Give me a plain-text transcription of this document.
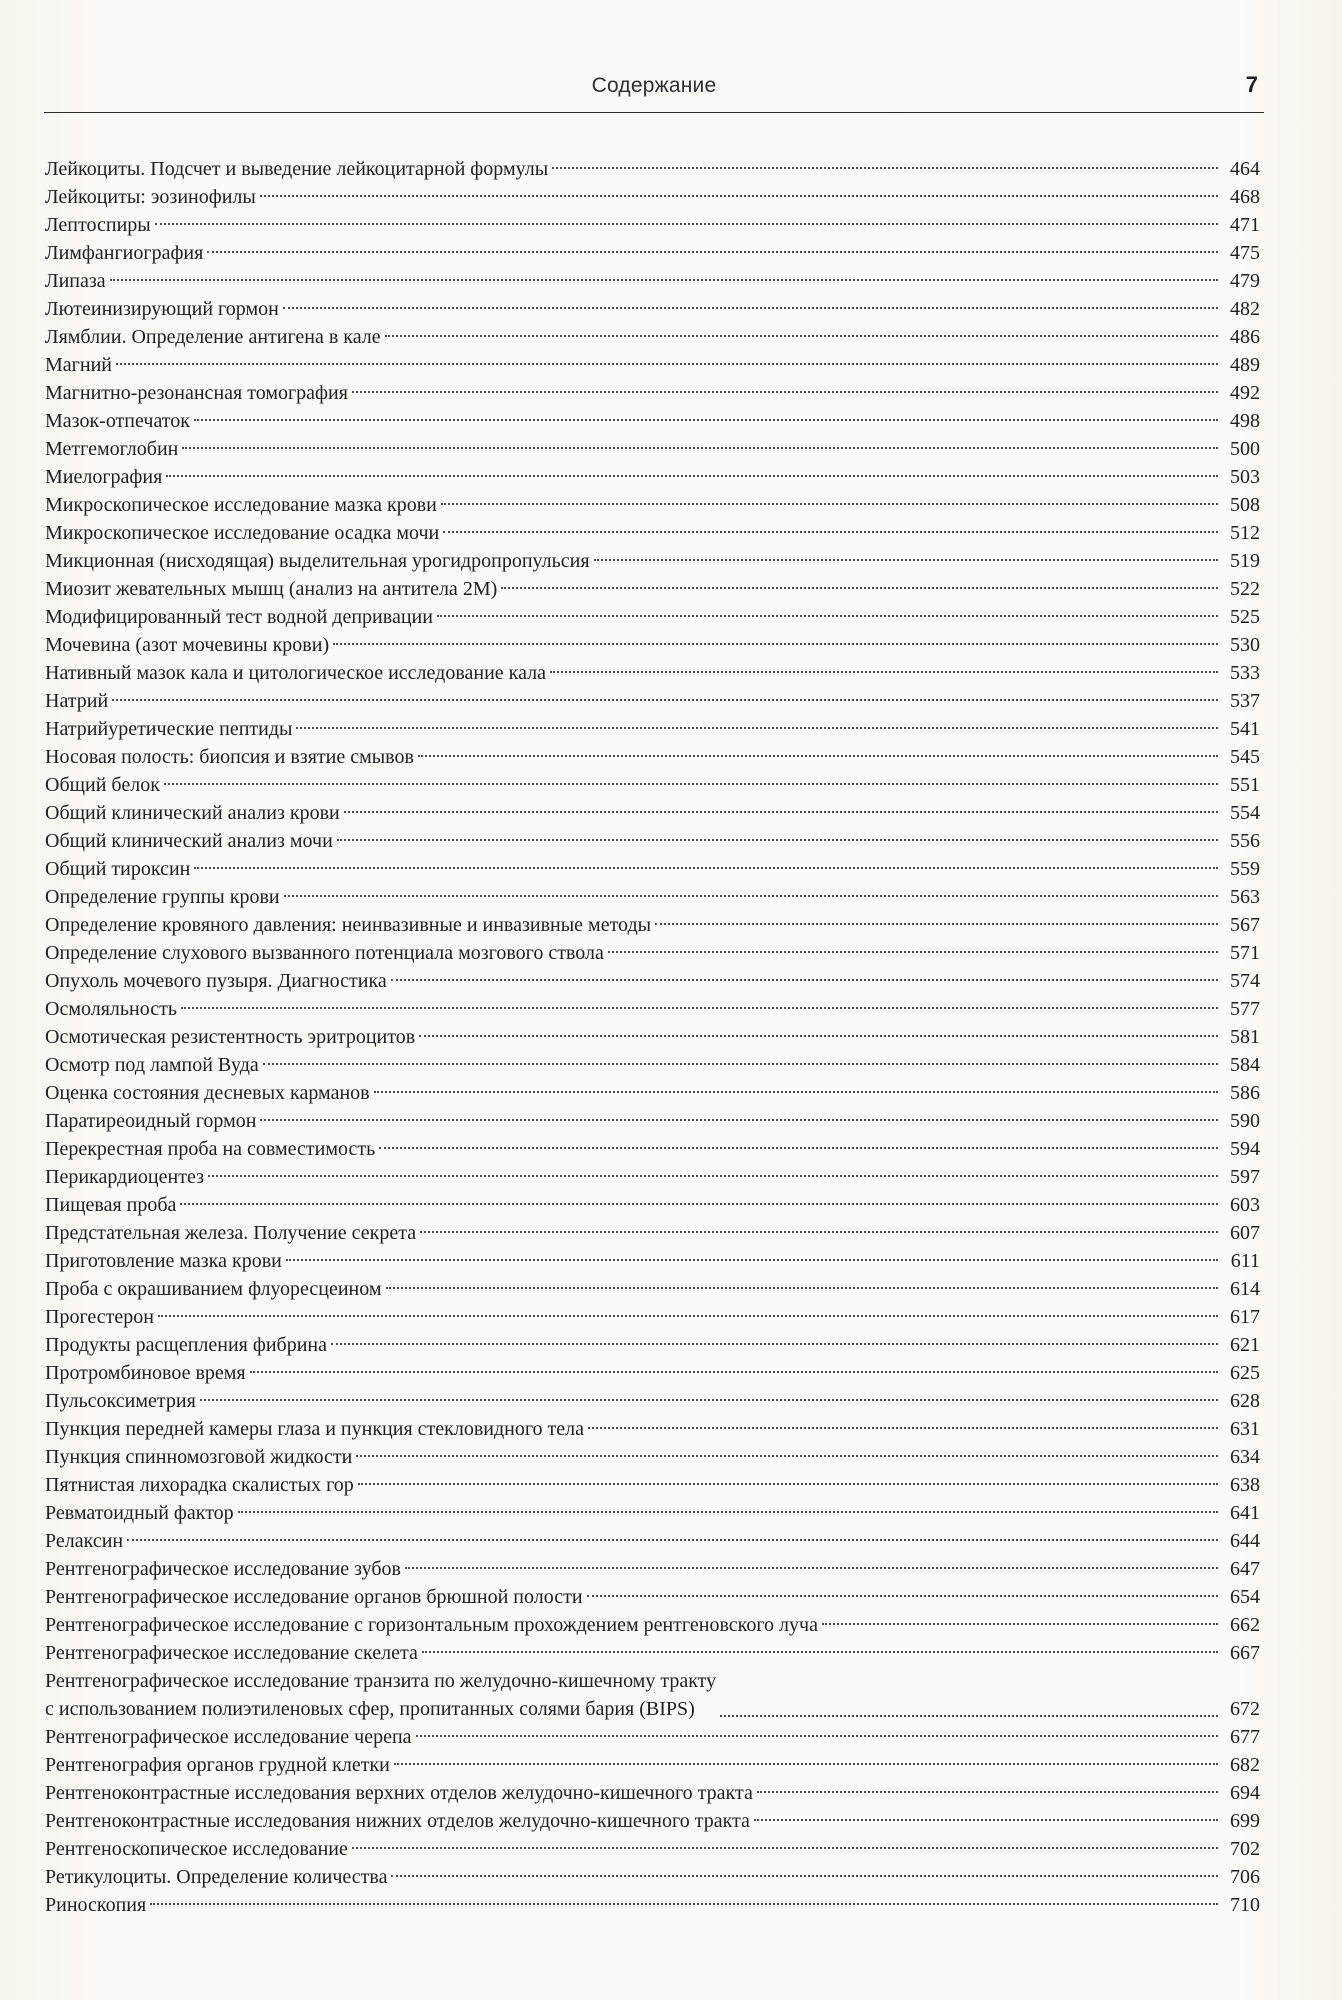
Содержание	7
Лейкоциты. Подсчет и выведение лейкоцитарной формулы	464
Лейкоциты: эозинофилы	468
Лептоспиры	471
Лимфангиография	475
Липаза	479
Лютеинизирующий гормон	482
Лямблии. Определение антигена в кале	486
Магний	489
Магнитно-резонансная томография	492
Мазок-отпечаток	498
Метгемоглобин	500
Миелография	503
Микроскопическое исследование мазка крови	508
Микроскопическое исследование осадка мочи	512
Микционная (нисходящая) выделительная урогидропропульсия	519
Миозит жевательных мышц (анализ на антитела 2М)	522
Модифицированный тест водной депривации	525
Мочевина (азот мочевины крови)	530
Нативный мазок кала и цитологическое исследование кала	533
Натрий	537
Натрийуретические пептиды	541
Носовая полость: биопсия и взятие смывов	545
Общий белок	551
Общий клинический анализ крови	554
Общий клинический анализ мочи	556
Общий тироксин	559
Определение группы крови	563
Определение кровяного давления: неинвазивные и инвазивные методы	567
Определение слухового вызванного потенциала мозгового ствола	571
Опухоль мочевого пузыря. Диагностика	574
Осмоляльность	577
Осмотическая резистентность эритроцитов	581
Осмотр под лампой Вуда	584
Оценка состояния десневых карманов	586
Паратиреоидный гормон	590
Перекрестная проба на совместимость	594
Перикардиоцентез	597
Пищевая проба	603
Предстательная железа. Получение секрета	607
Приготовление мазка крови	611
Проба с окрашиванием флуоресцеином	614
Прогестерон	617
Продукты расщепления фибрина	621
Протромбиновое время	625
Пульсоксиметрия	628
Пункция передней камеры глаза и пункция стекловидного тела	631
Пункция спинномозговой жидкости	634
Пятнистая лихорадка скалистых гор	638
Ревматоидный фактор	641
Релаксин	644
Рентгенографическое исследование зубов	647
Рентгенографическое исследование органов брюшной полости	654
Рентгенографическое исследование с горизонтальным прохождением рентгеновского луча	662
Рентгенографическое исследование скелета	667
Рентгенографическое исследование транзита по желудочно-кишечному тракту
с использованием полиэтиленовых сфер, пропитанных солями бария (BIPS)	672
Рентгенографическое исследование черепа	677
Рентгенография органов грудной клетки	682
Рентгеноконтрастные исследования верхних отделов желудочно-кишечного тракта	694
Рентгеноконтрастные исследования нижних отделов желудочно-кишечного тракта	699
Рентгеноскопическое исследование	702
Ретикулоциты. Определение количества	706
Риноскопия	710
